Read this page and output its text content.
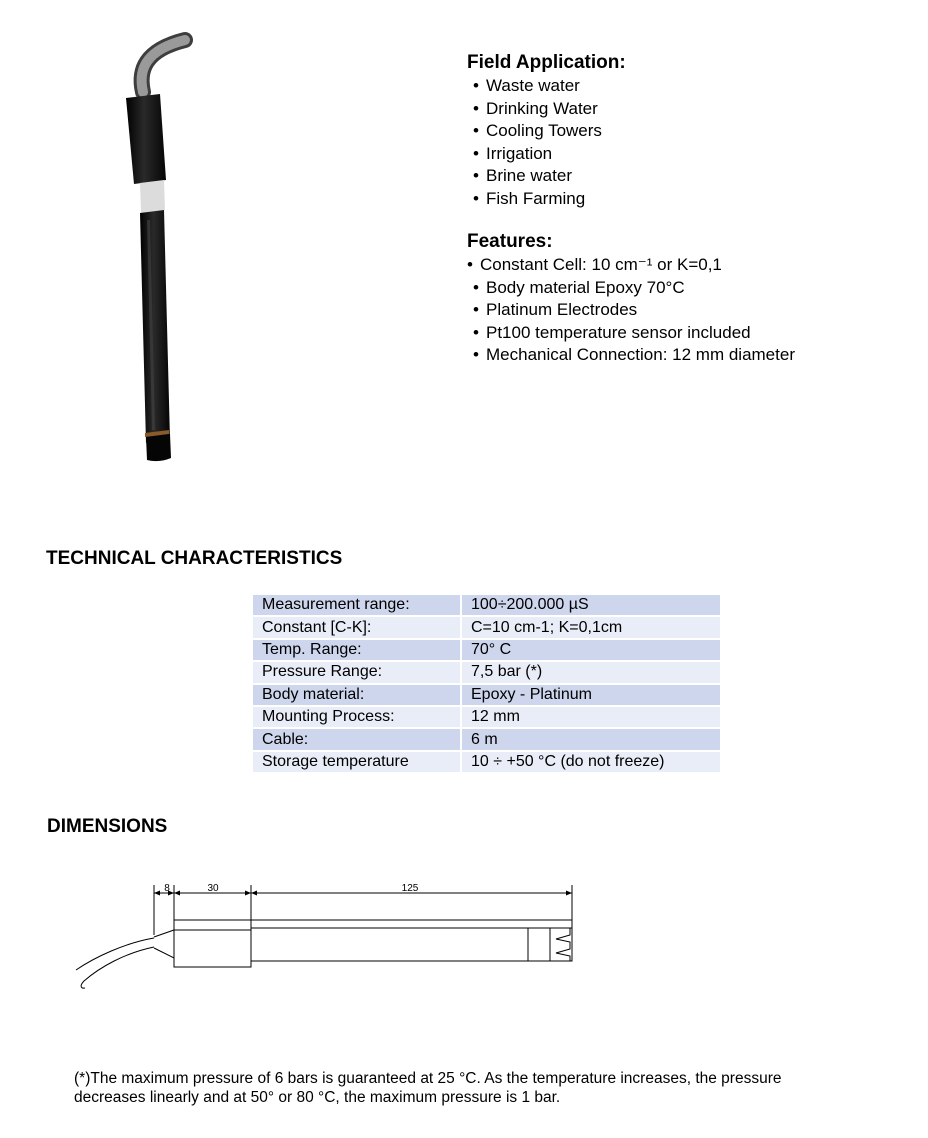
Field Application:
• Waste water
• Drinking Water
• Cooling Towers
• Irrigation
• Brine water
• Fish Farming
Features:
• Constant Cell: 10 cm⁻¹ or K=0,1
• Body material Epoxy 70°C
• Platinum Electrodes
• Pt100 temperature sensor included
• Mechanical Connection: 12 mm diameter
TECHNICAL CHARACTERISTICS
Measurement range:	100÷200.000 µS
Constant [C-K]:	C=10 cm-1; K=0,1cm
Temp. Range:	70° C
Pressure Range:	7,5 bar (*)
Body material:	Epoxy - Platinum
Mounting Process:	12 mm
Cable:	6 m
Storage temperature	10 ÷ +50 °C (do not freeze)
DIMENSIONS
8	30	125

(*)The maximum pressure of 6 bars is guaranteed at 25 °C. As the temperature increases, the pressure

decreases linearly and at 50° or 80 °C, the maximum pressure is 1 bar.
